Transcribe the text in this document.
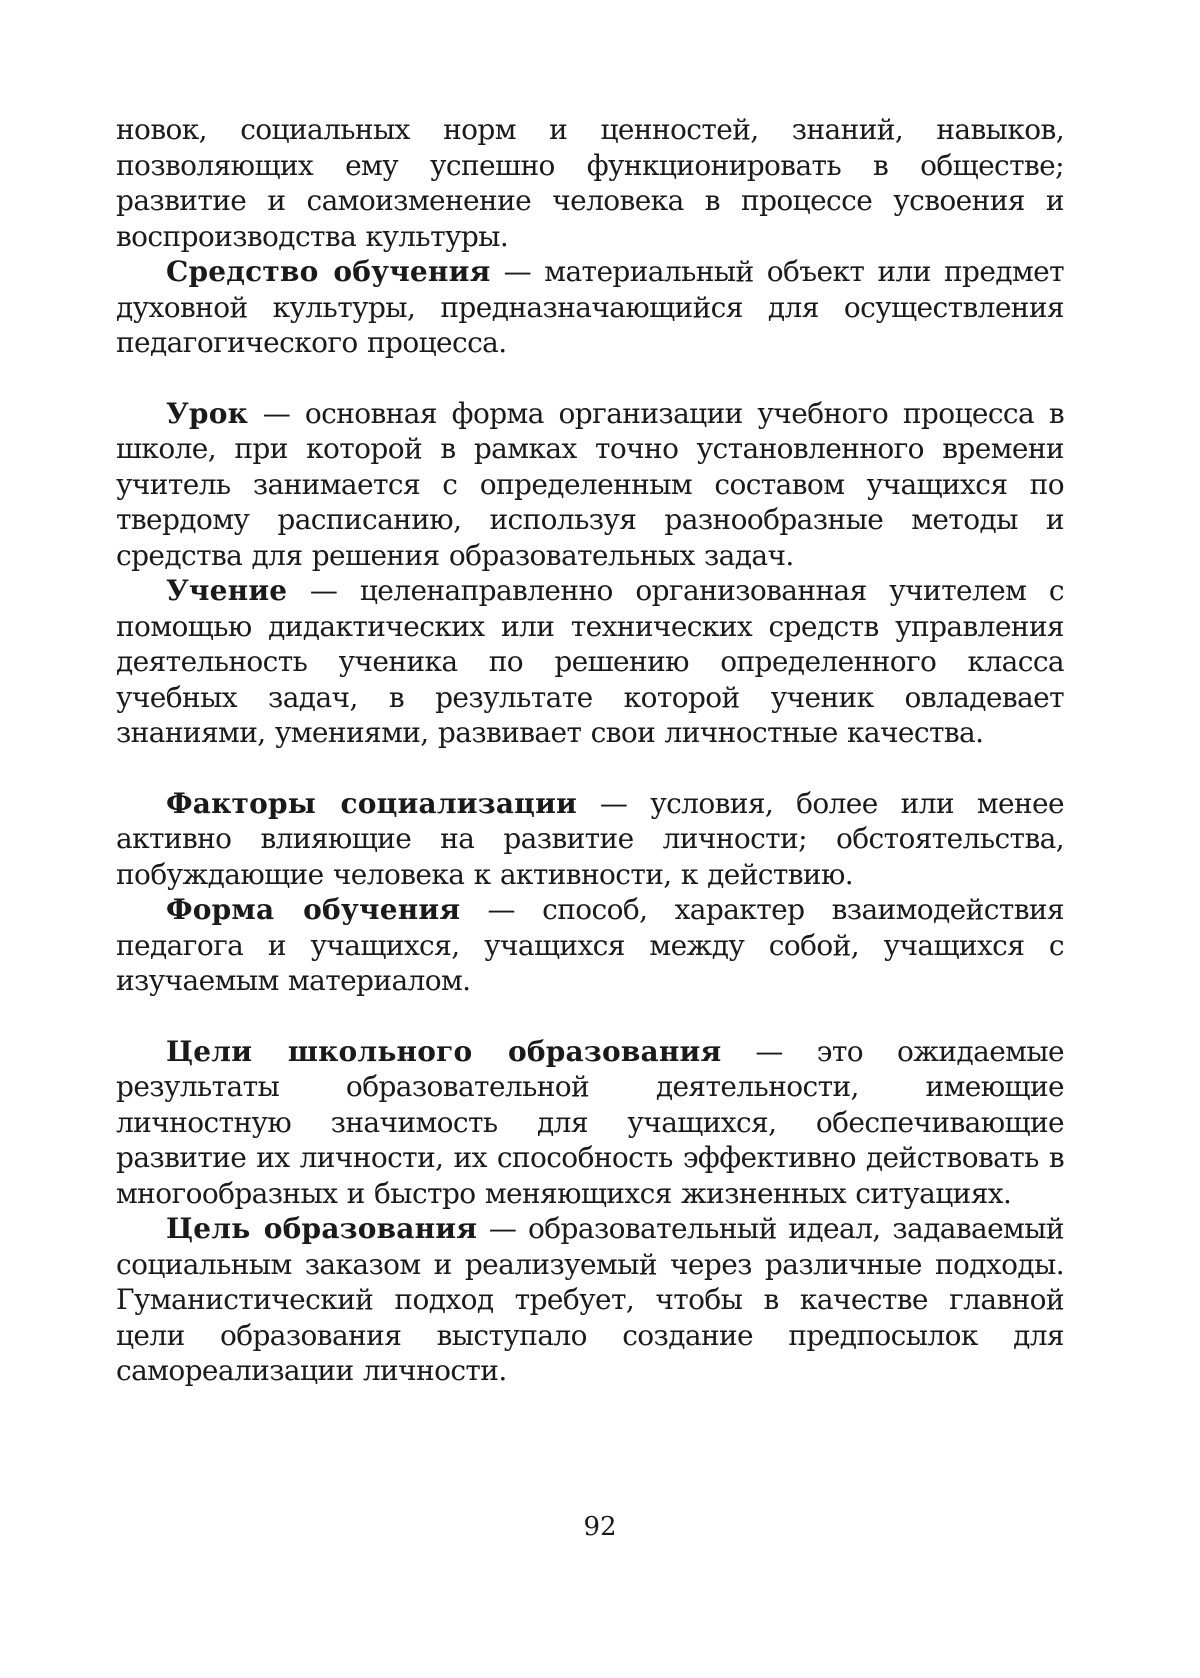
новок, социальных норм и ценностей, знаний, навыков, позволяющих ему успешно функционировать в обществе; развитие и самоизменение человека в процессе усвоения и воспроизводства культуры.

Средство обучения — материальный объект или предмет духовной культуры, предназначающийся для осуществления педагогического процесса.

Урок — основная форма организации учебного процесса в школе, при которой в рамках точно установленного времени учитель занимается с определенным составом учащихся по твердому расписанию, используя разнообразные методы и средства для решения образовательных задач.

Учение — целенаправленно организованная учителем с помощью дидактических или технических средств управления деятельность ученика по решению определенного класса учебных задач, в результате которой ученик овладевает знаниями, умениями, развивает свои личностные качества.

Факторы социализации — условия, более или менее активно влияющие на развитие личности; обстоятельства, побуждающие человека к активности, к действию.

Форма обучения — способ, характер взаимодействия педагога и учащихся, учащихся между собой, учащихся с изучаемым материалом.

Цели школьного образования — это ожидаемые результаты образовательной деятельности, имеющие личностную значимость для учащихся, обеспечивающие развитие их личности, их способность эффективно действовать в многообразных и быстро меняющихся жизненных ситуациях.

Цель образования — образовательный идеал, задаваемый социальным заказом и реализуемый через различные подходы. Гуманистический подход требует, чтобы в качестве главной цели образования выступало создание предпосылок для самореализации личности.

92
